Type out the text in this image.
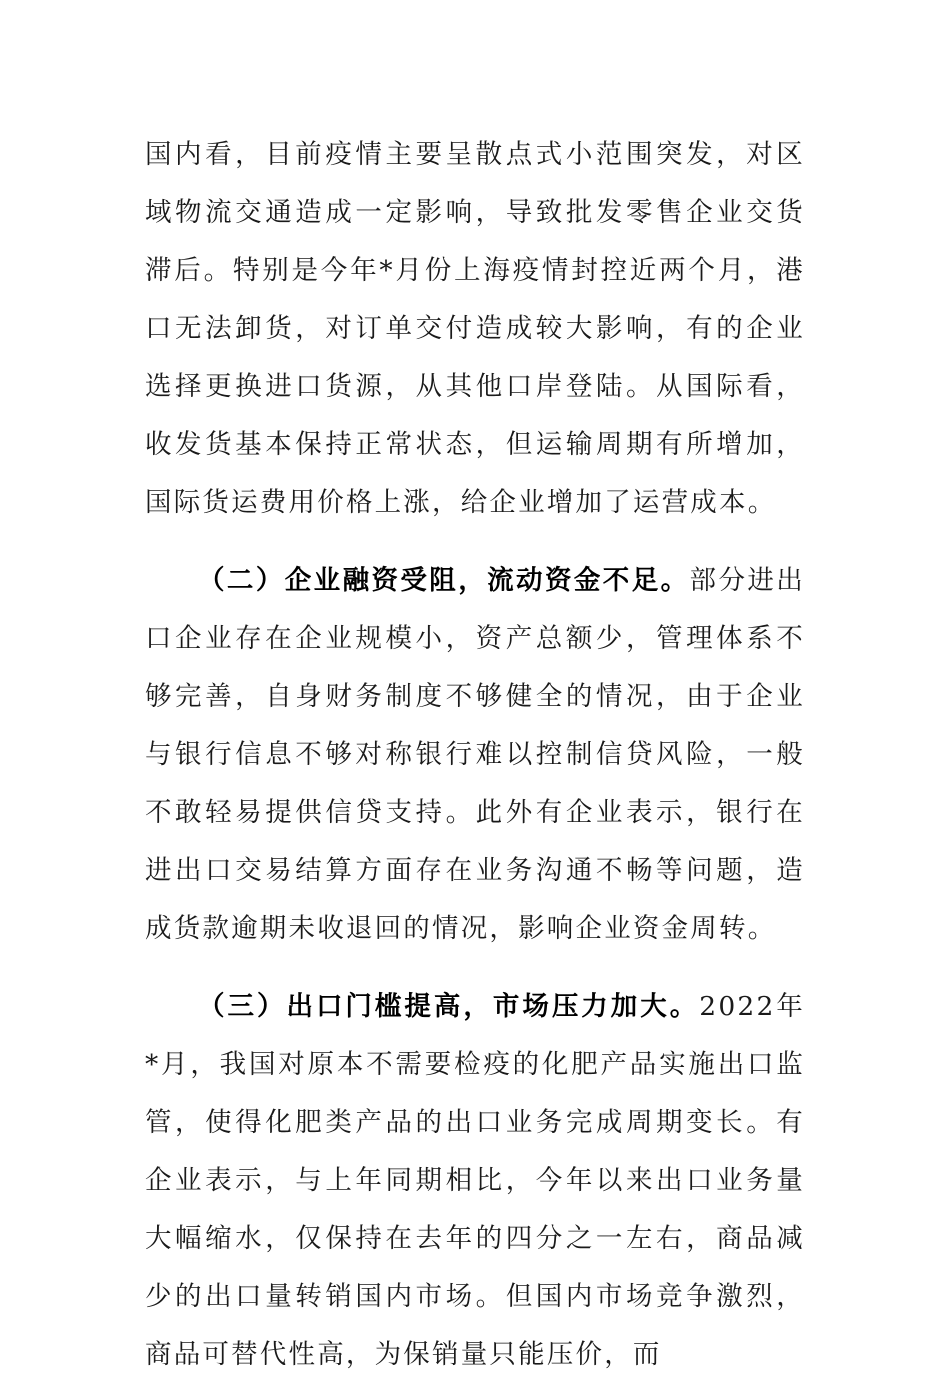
国内看，目前疫情主要呈散点式小范围突发，对区域物流交通造成一定影响，导致批发零售企业交货滞后。特别是今年*月份上海疫情封控近两个月，港口无法卸货，对订单交付造成较大影响，有的企业选择更换进口货源，从其他口岸登陆。从国际看，收发货基本保持正常状态，但运输周期有所增加，国际货运费用价格上涨，给企业增加了运营成本。

（二）企业融资受阻，流动资金不足。部分进出口企业存在企业规模小，资产总额少，管理体系不够完善，自身财务制度不够健全的情况，由于企业与银行信息不够对称银行难以控制信贷风险，一般不敢轻易提供信贷支持。此外有企业表示，银行在进出口交易结算方面存在业务沟通不畅等问题，造成货款逾期未收退回的情况，影响企业资金周转。

（三）出口门槛提高，市场压力加大。2022年*月，我国对原本不需要检疫的化肥产品实施出口监管，使得化肥类产品的出口业务完成周期变长。有企业表示，与上年同期相比，今年以来出口业务量大幅缩水，仅保持在去年的四分之一左右，商品减少的出口量转销国内市场。但国内市场竞争激烈，商品可替代性高，为保销量只能压价，而
